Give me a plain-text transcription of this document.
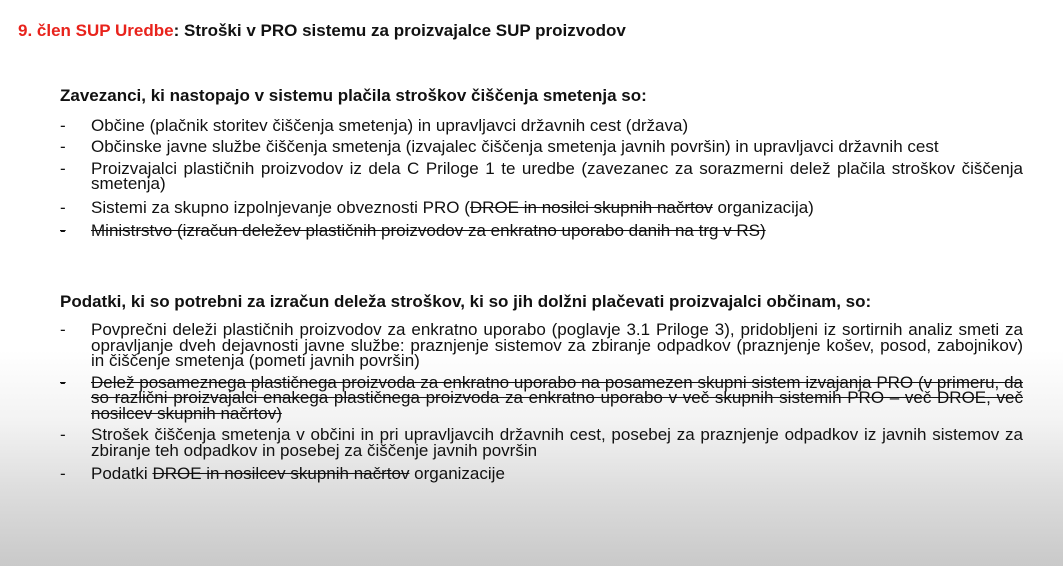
9. člen SUP Uredbe: Stroški v PRO sistemu za proizvajalce SUP proizvodov
Zavezanci, ki nastopajo v sistemu plačila stroškov čiščenja smetenja so:
- Občine (plačnik storitev čiščenja smetenja) in upravljavci državnih cest (država)
- Občinske javne službe čiščenja smetenja (izvajalec čiščenja smetenja javnih površin) in upravljavci državnih cest
- Proizvajalci plastičnih proizvodov iz dela C Priloge 1 te uredbe (zavezanec za sorazmerni delež plačila stroškov čiščenja smetenja)
- Sistemi za skupno izpolnjevanje obveznosti PRO (DROE in nosilci skupnih načrtov organizacija)
- Ministrstvo (izračun deležev plastičnih proizvodov za enkratno uporabo danih na trg v RS)
Podatki, ki so potrebni za izračun deleža stroškov, ki so jih dolžni plačevati proizvajalci občinam, so:
- Povprečni deleži plastičnih proizvodov za enkratno uporabo (poglavje 3.1 Priloge 3), pridobljeni iz sortirnih analiz smeti za opravljanje dveh dejavnosti javne službe: praznjenje sistemov za zbiranje odpadkov (praznjenje košev, posod, zabojnikov) in čiščenje smetenja (pometi javnih površin)
- Delež posameznega plastičnega proizvoda za enkratno uporabo na posamezen skupni sistem izvajanja PRO (v primeru, da so različni proizvajalci enakega plastičnega proizvoda za enkratno uporabo v več skupnih sistemih PRO – več DROE, več nosilcev skupnih načrtov)
- Strošek čiščenja smetenja v občini in pri upravljavcih državnih cest, posebej za praznjenje odpadkov iz javnih sistemov za zbiranje teh odpadkov in posebej za čiščenje javnih površin
- Podatki DROE in nosilcev skupnih načrtov organizacije
